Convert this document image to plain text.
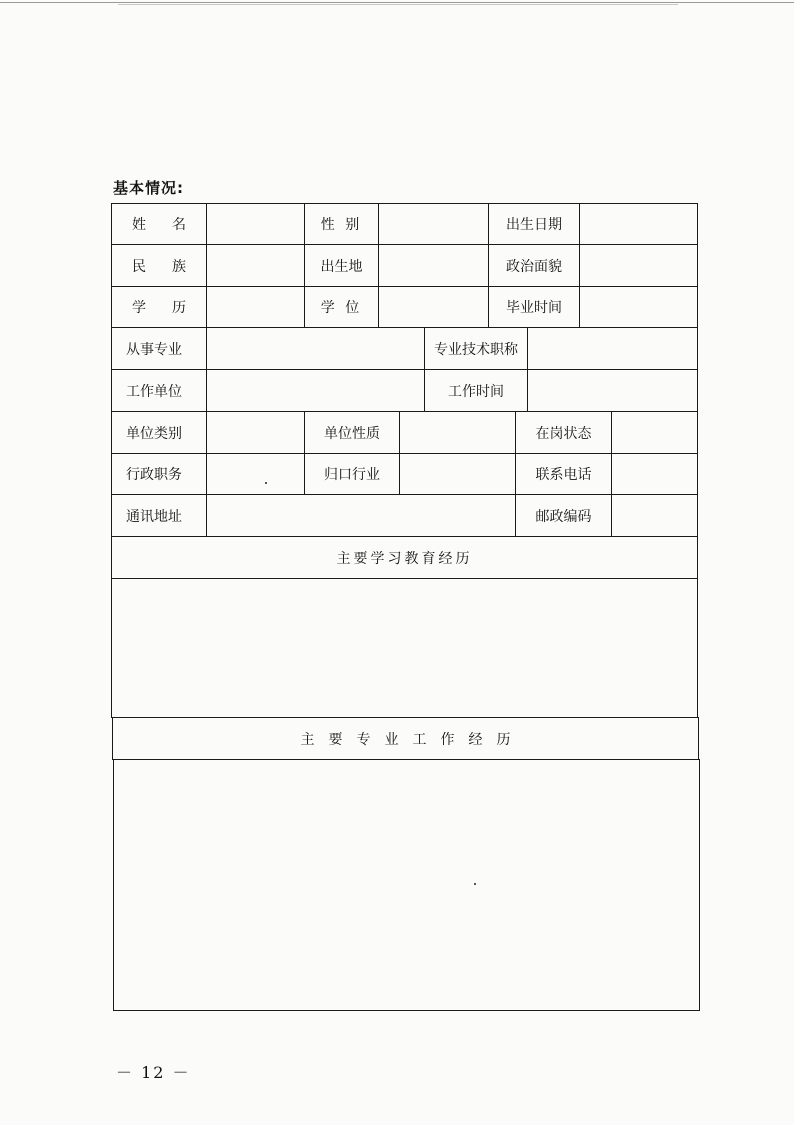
基本情况:
姓 名	性 别	出生日期
民 族	出生地	政治面貌
学 历	学 位	毕业时间
从事专业	专业技术职称
工作单位	工作时间
单位类别	单位性质	在岗状态
行政职务	归口行业	联系电话
通讯地址	邮政编码
主要学习教育经历
主要专业工作经历
－ 12 －
